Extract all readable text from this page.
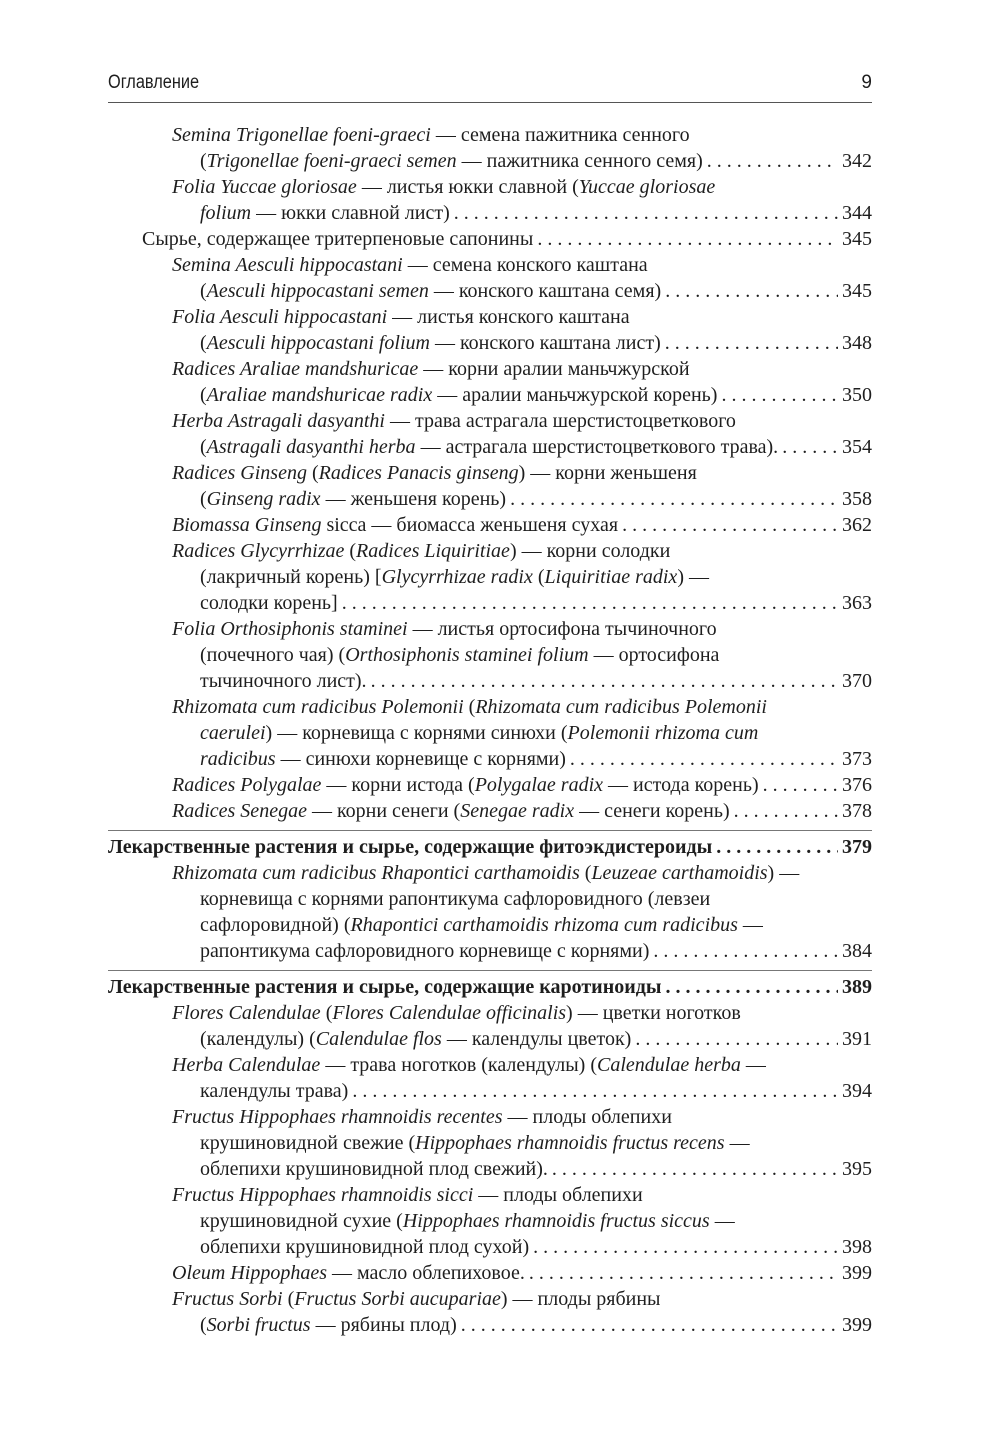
Оглавление	9
Semina Trigonellae foeni-graeci — семена пажитника сенного
(Trigonellae foeni-graeci semen — пажитника сенного семя) . . .	342
Folia Yuccae gloriosae — листья юкки славной (Yuccae gloriosae
folium — юкки славной лист) . . .	344
Сырье, содержащее тритерпеновые сапонины . . .	345
Semina Aesculi hippocastani — семена конского каштана
(Aesculi hippocastani semen — конского каштана семя) . . .	345
Folia Aesculi hippocastani — листья конского каштана
(Aesculi hippocastani folium — конского каштана лист) . . .	348
Radices Araliae mandshuricae — корни аралии маньчжурской
(Araliae mandshuricae radix — аралии маньчжурской корень) . . .	350
Herba Astragali dasyanthi — трава астрагала шерстистоцветкового
(Astragali dasyanthi herba — астрагала шерстистоцветкового трава). . . .	354
Radices Ginseng (Radices Panacis ginseng) — корни женьшеня
(Ginseng radix — женьшеня корень) . . .	358
Biomassa Ginseng sicca — биомасса женьшеня сухая . . .	362
Radices Glycyrrhizae (Radices Liquiritiae) — корни солодки
(лакричный корень) [Glycyrrhizae radix (Liquiritiae radix) —
солодки корень] . . .	363
Folia Orthosiphonis staminei — листья ортосифона тычиночного
(почечного чая) (Orthosiphonis staminei folium — ортосифона
тычиночного лист). . . .	370
Rhizomata cum radicibus Polemonii (Rhizomata cum radicibus Polemonii
caerulei) — корневища с корнями синюхи (Polemonii rhizoma cum
radicibus — синюхи корневище с корнями) . . .	373
Radices Polygalae — корни истода (Polygalae radix — истода корень) . . .	376
Radices Senegae — корни сенеги (Senegae radix — сенеги корень) . . .	378
Лекарственные растения и сырье, содержащие фитоэкдистероиды . . .	379
Rhizomata cum radicibus Rhapontici carthamoidis (Leuzeae carthamoidis) —
корневища с корнями рапонтикума сафлоровидного (левзеи
сафлоровидной) (Rhapontici carthamoidis rhizoma cum radicibus —
рапонтикума сафлоровидного корневище с корнями) . . .	384
Лекарственные растения и сырье, содержащие каротиноиды . . .	389
Flores Calendulae (Flores Calendulae officinalis) — цветки ноготков
(календулы) (Calendulae flos — календулы цветок) . . .	391
Herba Calendulae — трава ноготков (календулы) (Calendulae herba —
календулы трава) . . .	394
Fructus Hippophaes rhamnoidis recentes — плоды облепихи
крушиновидной свежие (Hippophaes rhamnoidis fructus recens —
облепихи крушиновидной плод свежий). . . .	395
Fructus Hippophaes rhamnoidis sicci — плоды облепихи
крушиновидной сухие (Hippophaes rhamnoidis fructus siccus —
облепихи крушиновидной плод сухой) . . .	398
Oleum Hippophaes — масло облепиховое. . . .	399
Fructus Sorbi (Fructus Sorbi aucupariae) — плоды рябины
(Sorbi fructus — рябины плод) . . .	399
